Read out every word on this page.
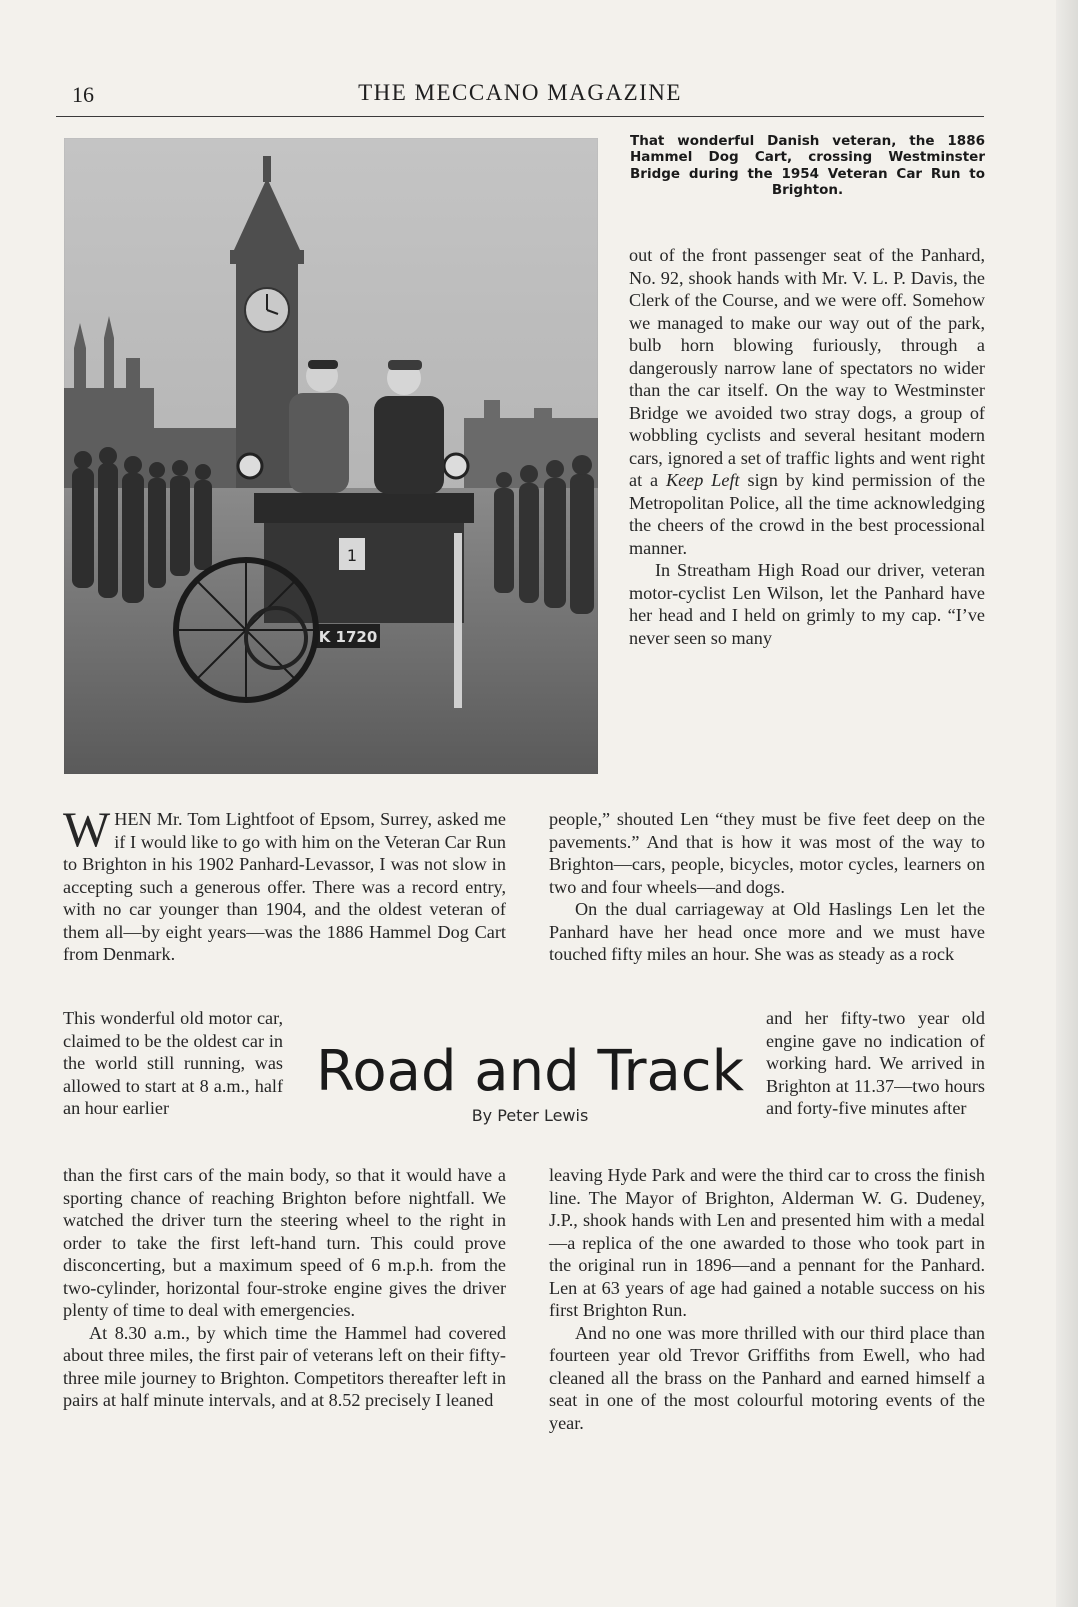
16	THE MECCANO MAGAZINE
1
K 1720
That wonderful Danish veteran, the 1886 Hammel Dog Cart, crossing Westminster Bridge during the 1954 Veteran Car Run to Brighton.

out of the front passenger seat of the Panhard, No. 92, shook hands with Mr. V. L. P. Davis, the Clerk of the Course, and we were off. Somehow we managed to make our way out of the park, bulb horn blowing furiously, through a dangerously narrow lane of spectators no wider than the car itself. On the way to Westminster Bridge we avoided two stray dogs, a group of wobbling cyclists and several hesitant modern cars, ignored a set of traffic lights and went right at a Keep Left sign by kind permission of the Metropolitan Police, all the time acknowledging the cheers of the crowd in the best processional manner.

In Streatham High Road our driver, veteran motor-cyclist Len Wilson, let the Panhard have her head and I held on grimly to my cap. “I’ve never seen so many

WHEN Mr. Tom Lightfoot of Epsom, Surrey, asked me if I would like to go with him on the Veteran Car Run to Brighton in his 1902 Panhard-Levassor, I was not slow in accepting such a generous offer. There was a record entry, with no car younger than 1904, and the oldest veteran of them all—by eight years—was the 1886 Hammel Dog Cart from Denmark.

people,” shouted Len “they must be five feet deep on the pavements.” And that is how it was most of the way to Brighton—cars, people, bicycles, motor cycles, learners on two and four wheels—and dogs.

On the dual carriageway at Old Haslings Len let the Panhard have her head once more and we must have touched fifty miles an hour. She was as steady as a rock

This wonderful old motor car, claimed to be the oldest car in the world still running, was allowed to start at 8 a.m., half an hour earlier

and her fifty-two year old engine gave no indication of working hard. We arrived in Brighton at 11.37—two hours and forty-five minutes after

Road and Track
By Peter Lewis

than the first cars of the main body, so that it would have a sporting chance of reaching Brighton before nightfall. We watched the driver turn the steering wheel to the right in order to take the first left-hand turn. This could prove disconcerting, but a maximum speed of 6 m.p.h. from the two-cylinder, horizontal four-stroke engine gives the driver plenty of time to deal with emergencies.

At 8.30 a.m., by which time the Hammel had covered about three miles, the first pair of veterans left on their fifty-three mile journey to Brighton. Competitors thereafter left in pairs at half minute intervals, and at 8.52 precisely I leaned

leaving Hyde Park and were the third car to cross the finish line. The Mayor of Brighton, Alderman W. G. Dudeney, J.P., shook hands with Len and presented him with a medal—a replica of the one awarded to those who took part in the original run in 1896—and a pennant for the Panhard. Len at 63 years of age had gained a notable success on his first Brighton Run.

And no one was more thrilled with our third place than fourteen year old Trevor Griffiths from Ewell, who had cleaned all the brass on the Panhard and earned himself a seat in one of the most colourful motoring events of the year.
